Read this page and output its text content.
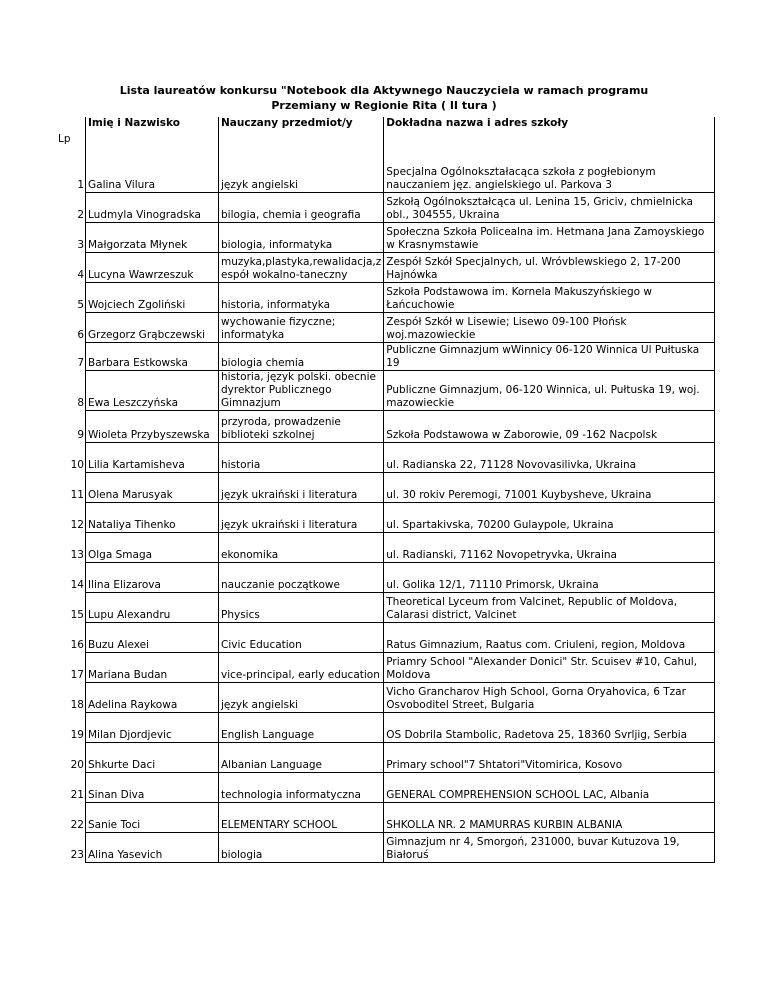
Lista laureatów konkursu "Notebook dla Aktywnego Nauczyciela w ramach programu
Przemiany w Regionie Rita ( II tura )
Lp	Imię i Nazwisko	Nauczany przedmiot/y	Dokładna nazwa i adres szkoły
1	Galina Vilura	język angielski	Specjalna Ogólnokształacąca szkoła z pogłebionym nauczaniem jęz. angielskiego ul. Parkova 3
2	Ludmyla Vinogradska	bilogia, chemia i geografia	Szkołą Ogólnokształcąca ul. Lenina 15, Griciv, chmielnicka obl., 304555, Ukraina
3	Małgorzata Młynek	biologia, informatyka	Społeczna Szkoła Policealna im. Hetmana Jana Zamoyskiego w Krasnymstawie
4	Lucyna Wawrzeszuk	muzyka,plastyka,rewalidacja,z espół wokalno-taneczny	Zespół Szkół Specjalnych, ul. Wróvblewskiego 2, 17-200 Hajnówka
5	Wojciech Zgoliński	historia, informatyka	Szkoła Podstawowa im. Kornela Makuszyńskiego w Łańcuchowie
6	Grzegorz Grąbczewski	wychowanie fizyczne; informatyka	Zespół Szkół w Lisewie; Lisewo 09-100 Płońsk woj.mazowieckie
7	Barbara Estkowska	biologia chemia	Publiczne Gimnazjum wWinnicy 06-120 Winnica Ul Pułtuska 19
8	Ewa Leszczyńska	historia, język polski. obecnie dyrektor Publicznego Gimnazjum	Publiczne Gimnazjum, 06-120 Winnica, ul. Pułtuska 19, woj. mazowieckie
9	Wioleta Przybyszewska	przyroda, prowadzenie biblioteki szkolnej	Szkoła Podstawowa w Zaborowie, 09 -162 Nacpolsk
10	Lilia Kartamisheva	historia	ul. Radianska 22, 71128 Novovasilivka, Ukraina
11	Olena Marusyak	język ukraiński i literatura	ul. 30 rokiv Peremogi, 71001 Kuybysheve, Ukraina
12	Nataliya Tihenko	język ukraiński i literatura	ul. Spartakivska, 70200 Gulaypole, Ukraina
13	Olga Smaga	ekonomika	ul. Radianski, 71162 Novopetryvka, Ukraina
14	Ilina Elizarova	nauczanie początkowe	ul. Golika 12/1, 71110 Primorsk, Ukraina
15	Lupu Alexandru	Physics	Theoretical Lyceum from Valcinet, Republic of Moldova, Calarasi district, Valcinet
16	Buzu Alexei	Civic Education	Ratus Gimnazium, Raatus com. Criuleni, region, Moldova
17	Mariana Budan	vice-principal, early education	Priamry School "Alexander Donici" Str. Scuisev #10, Cahul, Moldova
18	Adelina Raykowa	język angielski	Vicho Grancharov High School, Gorna Oryahovica, 6 Tzar Osvoboditel Street, Bulgaria
19	Milan Djordjevic	English Language	OS Dobrila Stambolic, Radetova 25, 18360 Svrljig, Serbia
20	Shkurte Daci	Albanian Language	Primary school"7 Shtatori"Vitomirica, Kosovo
21	Sinan Diva	technologia informatyczna	GENERAL COMPREHENSION SCHOOL LAC, Albania
22	Sanie Toci	ELEMENTARY SCHOOL	SHKOLLA NR. 2 MAMURRAS KURBIN ALBANIA
23	Alina Yasevich	biologia	Gimnazjum nr 4, Smorgoń, 231000, buvar Kutuzova 19, Białoruś
